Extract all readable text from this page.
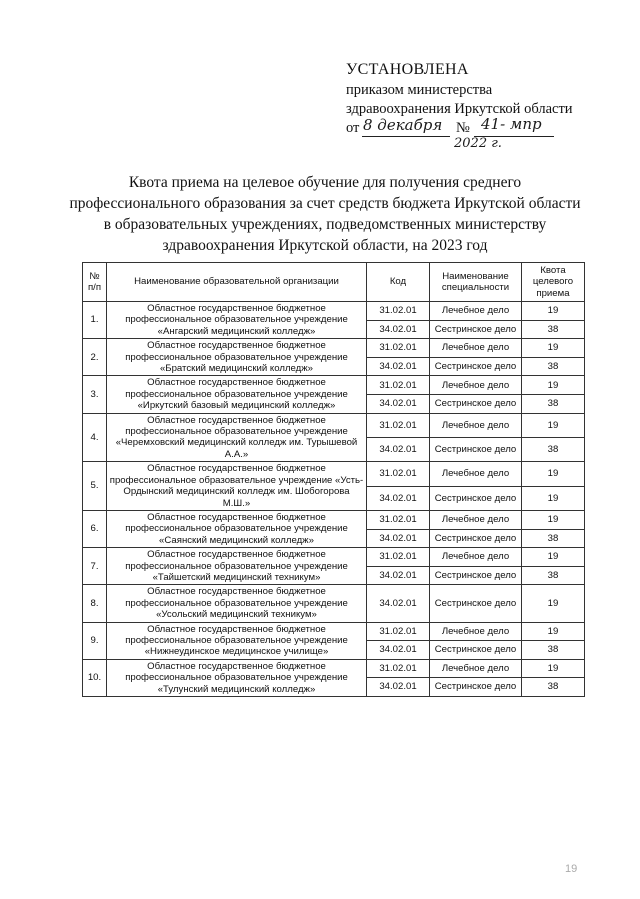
УСТАНОВЛЕНА
приказом министерства
здравоохранения Иркутской области
от 8 декабря № 41- мпр
2022 г.
Квота приема на целевое обучение для получения среднего
профессионального образования за счет средств бюджета Иркутской области
в образовательных учреждениях, подведомственных министерству
здравоохранения Иркутской области, на 2023 год
№ п/п	Наименование образовательной организации	Код	Наименование специальности	Квота целевого приема
1.	Областное государственное бюджетное профессиональное образовательное учреждение «Ангарский медицинский колледж»	31.02.01	Лечебное дело	19
		34.02.01	Сестринское дело	38
2.	Областное государственное бюджетное профессиональное образовательное учреждение «Братский медицинский колледж»	31.02.01	Лечебное дело	19
		34.02.01	Сестринское дело	38
3.	Областное государственное бюджетное профессиональное образовательное учреждение «Иркутский базовый медицинский колледж»	31.02.01	Лечебное дело	19
		34.02.01	Сестринское дело	38
4.	Областное государственное бюджетное профессиональное образовательное учреждение «Черемховский медицинский колледж им. Турышевой А.А.»	31.02.01	Лечебное дело	19
		34.02.01	Сестринское дело	38
5.	Областное государственное бюджетное профессиональное образовательное учреждение «Усть-Ордынский медицинский колледж им. Шобогорова М.Ш.»	31.02.01	Лечебное дело	19
		34.02.01	Сестринское дело	19
6.	Областное государственное бюджетное профессиональное образовательное учреждение «Саянский медицинский колледж»	31.02.01	Лечебное дело	19
		34.02.01	Сестринское дело	38
7.	Областное государственное бюджетное профессиональное образовательное учреждение «Тайшетский медицинский техникум»	31.02.01	Лечебное дело	19
		34.02.01	Сестринское дело	38
8.	Областное государственное бюджетное профессиональное образовательное учреждение «Усольский медицинский техникум»	34.02.01	Сестринское дело	19
9.	Областное государственное бюджетное профессиональное образовательное учреждение «Нижнеудинское медицинское училище»	31.02.01	Лечебное дело	19
		34.02.01	Сестринское дело	38
10.	Областное государственное бюджетное профессиональное образовательное учреждение «Тулунский медицинский колледж»	31.02.01	Лечебное дело	19
		34.02.01	Сестринское дело	38
19
